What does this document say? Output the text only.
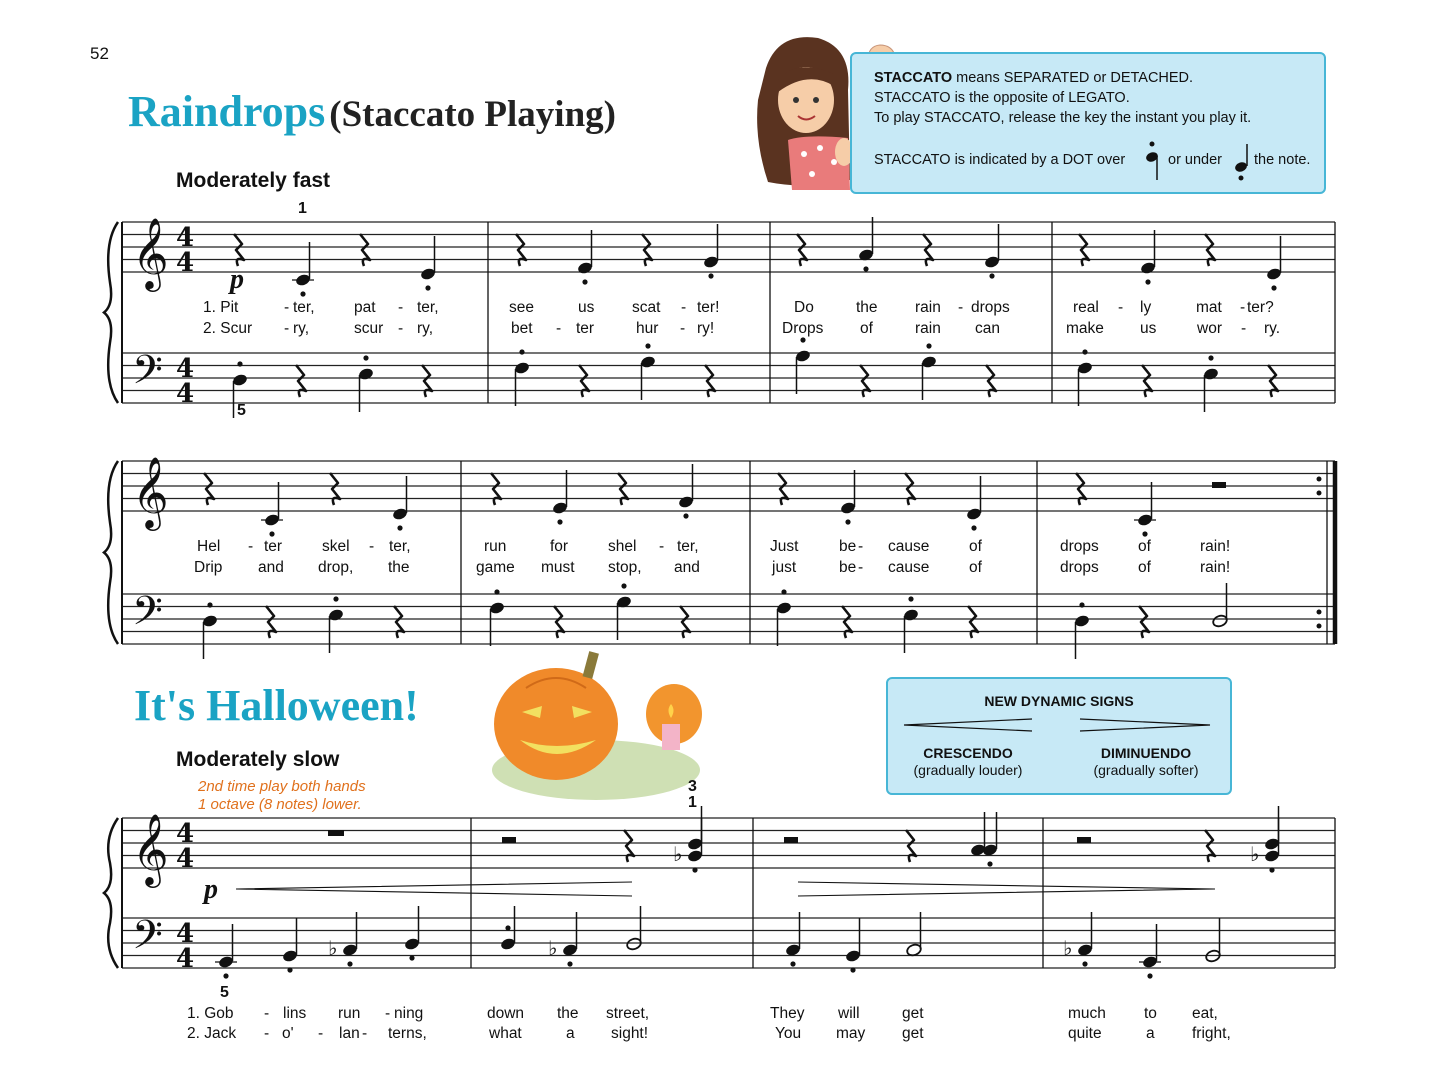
52
Raindrops (Staccato Playing)
Moderately fast
STACCATO means SEPARATED or DETACHED.
STACCATO is the opposite of LEGATO.
To play STACCATO, release the key the instant you play it.
STACCATO is indicated by a DOT over	or under the note.
It's Halloween!
Moderately slow
2nd time play both hands
1 octave (8 notes) lower.
NEW DYNAMIC SIGNS
CRESCENDO
(gradually louder)
DIMINUENDO
(gradually softer)
1
5
3
1
5
p
p
1. Pit	- ter,	pat - ter,	see	us scat - ter!	Do	the rain - drops	real - ly	mat - ter?
2. Scur - ry,	scur - ry,	bet - ter	hur - ry!	Drops of	rain can	make us	wor - ry.
Hel - ter	skel - ter,	run	for	shel - ter,	Just	be - cause	of	drops	of	rain!
Drip and drop, the	game must stop, and	just	be - cause	of	drops	of	rain!
1. Gob - lins run - ning	down the street,	They will	get	much to eat,
2. Jack - o' - lan - terns,	what	a sight!	You may get	quite	a fright,
𝄞
𝄢
4
4
4
4
𝄞
𝄢
𝄞
𝄢
4
4
4
4
♭	♭
♭	♭	♭
